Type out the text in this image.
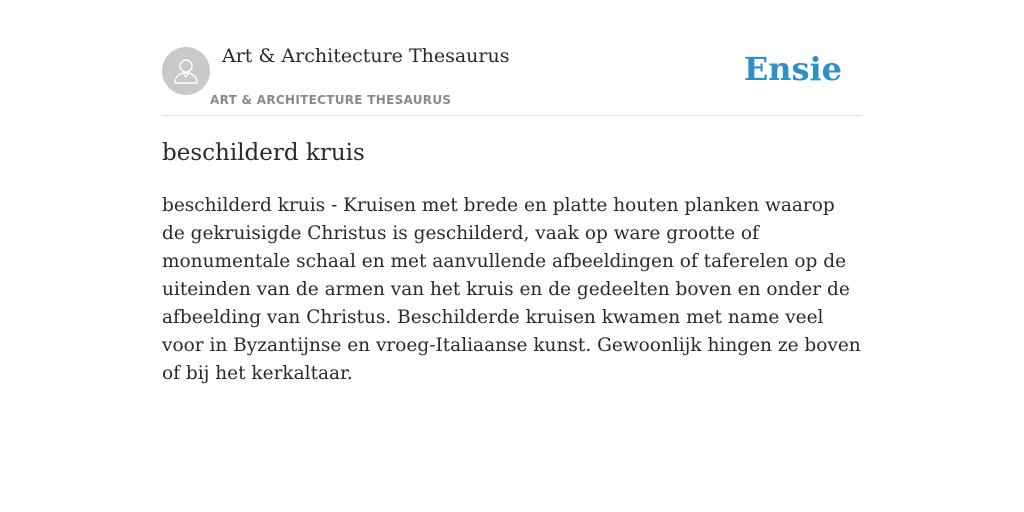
Art & Architecture Thesaurus
ART & ARCHITECTURE THESAURUS
Ensie
beschilderd kruis

beschilderd kruis - Kruisen met brede en platte houten planken waarop de gekruisigde Christus is geschilderd, vaak op ware grootte of monumentale schaal en met aanvullende afbeeldingen of taferelen op de uiteinden van de armen van het kruis en de gedeelten boven en onder de afbeelding van Christus. Beschilderde kruisen kwamen met name veel voor in Byzantijnse en vroeg-Italiaanse kunst. Gewoonlijk hingen ze boven of bij het kerkaltaar.
